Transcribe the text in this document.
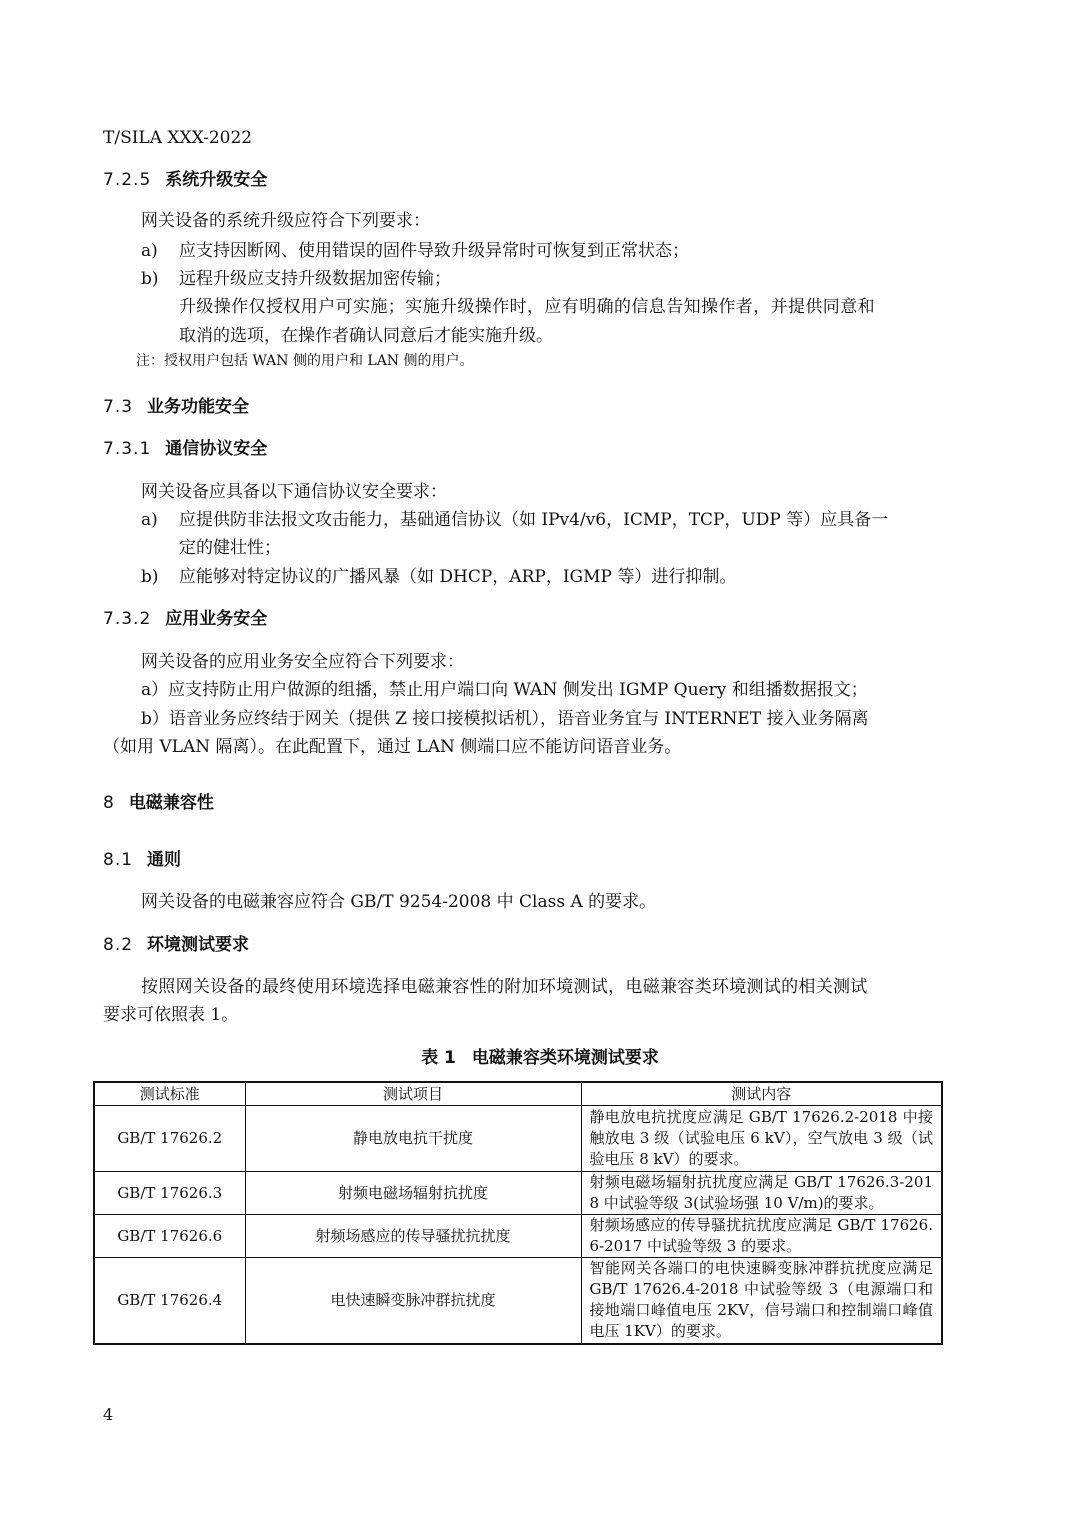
T/SILA XXX-2022
7.2.5 系统升级安全
网关设备的系统升级应符合下列要求：
a) 应支持因断网、使用错误的固件导致升级异常时可恢复到正常状态；
b) 远程升级应支持升级数据加密传输；
升级操作仅授权用户可实施；实施升级操作时，应有明确的信息告知操作者，并提供同意和
取消的选项，在操作者确认同意后才能实施升级。
注：授权用户包括 WAN 侧的用户和 LAN 侧的用户。
7.3 业务功能安全
7.3.1 通信协议安全
网关设备应具备以下通信协议安全要求：
a) 应提供防非法报文攻击能力，基础通信协议（如 IPv4/v6，ICMP，TCP，UDP 等）应具备一
定的健壮性；
b) 应能够对特定协议的广播风暴（如 DHCP，ARP，IGMP 等）进行抑制。
7.3.2 应用业务安全
网关设备的应用业务安全应符合下列要求：
a）应支持防止用户做源的组播，禁止用户端口向 WAN 侧发出 IGMP Query 和组播数据报文；
b）语音业务应终结于网关（提供 Z 接口接模拟话机），语音业务宜与 INTERNET 接入业务隔离
（如用 VLAN 隔离）。在此配置下，通过 LAN 侧端口应不能访问语音业务。
8 电磁兼容性
8.1 通则
网关设备的电磁兼容应符合 GB/T 9254-2008 中 Class A 的要求。
8.2 环境测试要求
按照网关设备的最终使用环境选择电磁兼容性的附加环境测试，电磁兼容类环境测试的相关测试
要求可依照表 1。
表 1 电磁兼容类环境测试要求
测试标准	测试项目	测试内容
GB/T 17626.2	静电放电抗干扰度	静电放电抗扰度应满足 GB/T 17626.2-2018 中接触放电 3 级（试验电压 6 kV），空气放电 3 级（试验电压 8 kV）的要求。
GB/T 17626.3	射频电磁场辐射抗扰度	射频电磁场辐射抗扰度应满足 GB/T 17626.3-2018 中试验等级 3(试验场强 10 V/m)的要求。
GB/T 17626.6	射频场感应的传导骚扰抗扰度	射频场感应的传导骚扰抗扰度应满足 GB/T 17626.6-2017 中试验等级 3 的要求。
GB/T 17626.4	电快速瞬变脉冲群抗扰度	智能网关各端口的电快速瞬变脉冲群抗扰度应满足 GB/T 17626.4-2018 中试验等级 3（电源端口和接地端口峰值电压 2KV，信号端口和控制端口峰值电压 1KV）的要求。
4
